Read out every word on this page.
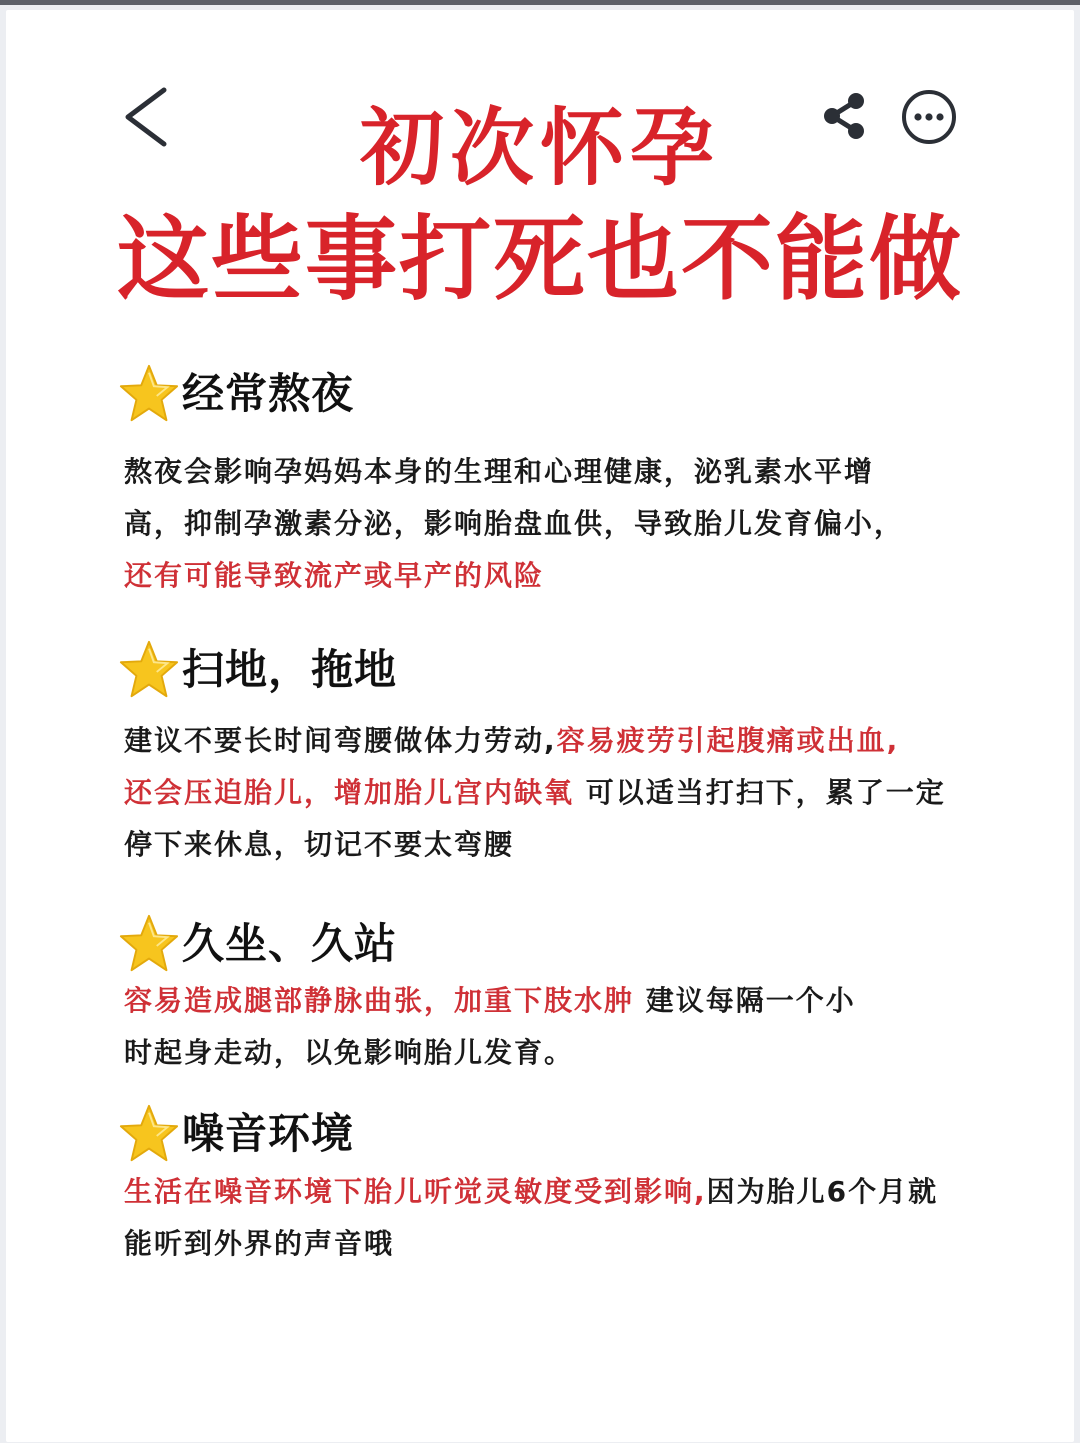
初次怀孕
这些事打死也不能做
经常熬夜

熬夜会影响孕妈妈本身的生理和心理健康，泌乳素水平增
高，抑制孕激素分泌，影响胎盘血供，导致胎儿发育偏小，
还有可能导致流产或早产的风险

扫地，拖地

建议不要长时间弯腰做体力劳动,容易疲劳引起腹痛或出血,
还会压迫胎儿，增加胎儿宫内缺氧 可以适当打扫下，累了一定
停下来休息，切记不要太弯腰

久坐、久站

容易造成腿部静脉曲张，加重下肢水肿 建议每隔一个小
时起身走动，以免影响胎儿发育。

噪音环境

生活在噪音环境下胎儿听觉灵敏度受到影响,因为胎儿6个月就
能听到外界的声音哦
